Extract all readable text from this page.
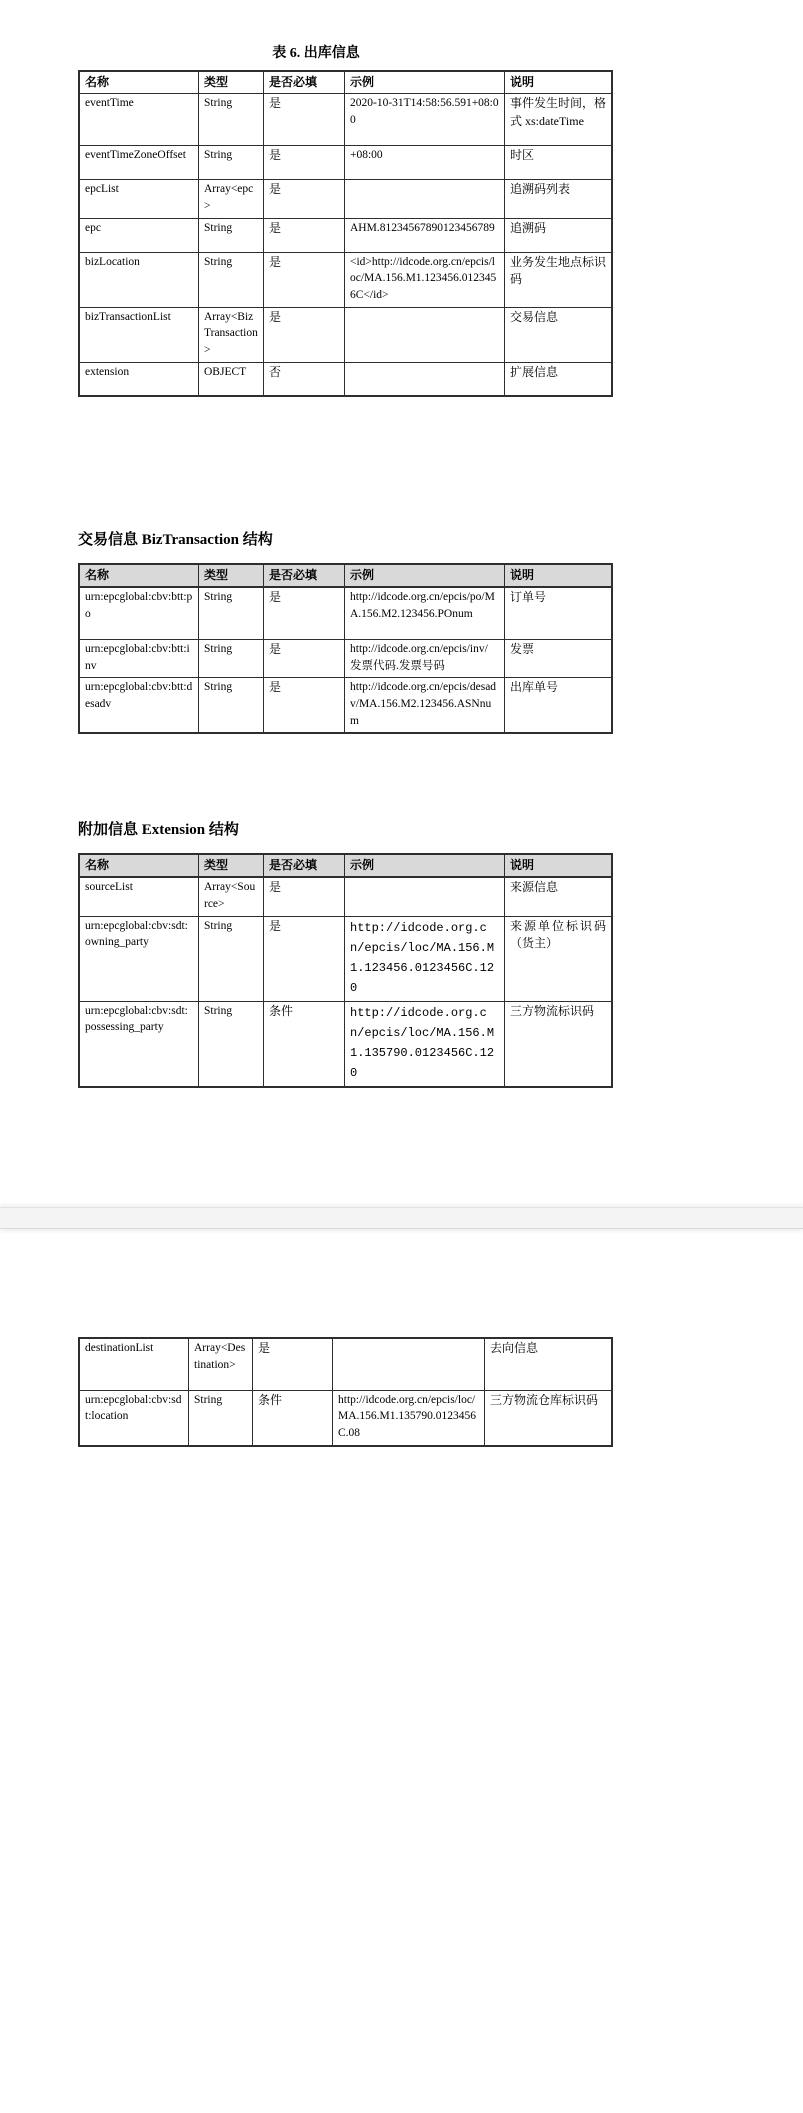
表 6. 出库信息
名称	类型	是否必填	示例	说明
eventTime	String	是	2020-10-31T14:58:56.591+08:00	事件发生时间，格式 xs:dateTime
eventTimeZoneOffset	String	是	+08:00	时区
epcList	Array<epc>	是		追溯码列表
epc	String	是	AHM.81234567890123456789	追溯码
bizLocation	String	是	<id>http://idcode.org.cn/epcis/loc/MA.156.M1.123456.0123456C</id>	业务发生地点标识码
bizTransactionList	Array<BizTransaction>	是		交易信息
extension	OBJECT	否		扩展信息
交易信息 BizTransaction 结构
名称	类型	是否必填	示例	说明
urn:epcglobal:cbv:btt:po	String	是	http://idcode.org.cn/epcis/po/MA.156.M2.123456.POnum	订单号
urn:epcglobal:cbv:btt:inv	String	是	http://idcode.org.cn/epcis/inv/发票代码.发票号码	发票
urn:epcglobal:cbv:btt:desadv	String	是	http://idcode.org.cn/epcis/desadv/MA.156.M2.123456.ASNnum	出库单号
附加信息 Extension 结构
名称	类型	是否必填	示例	说明
sourceList	Array<Source>	是		来源信息
urn:epcglobal:cbv:sdt:owning_party	String	是	http://idcode.org.cn/epcis/loc/MA.156.M1.123456.0123456C.120	来源单位标识码（货主）
urn:epcglobal:cbv:sdt:possessing_party	String	条件	http://idcode.org.cn/epcis/loc/MA.156.M1.135790.0123456C.120	三方物流标识码
destinationList	Array<Destination>	是		去向信息
urn:epcglobal:cbv:sdt:location	String	条件	http://idcode.org.cn/epcis/loc/MA.156.M1.135790.0123456C.08	三方物流仓库标识码
